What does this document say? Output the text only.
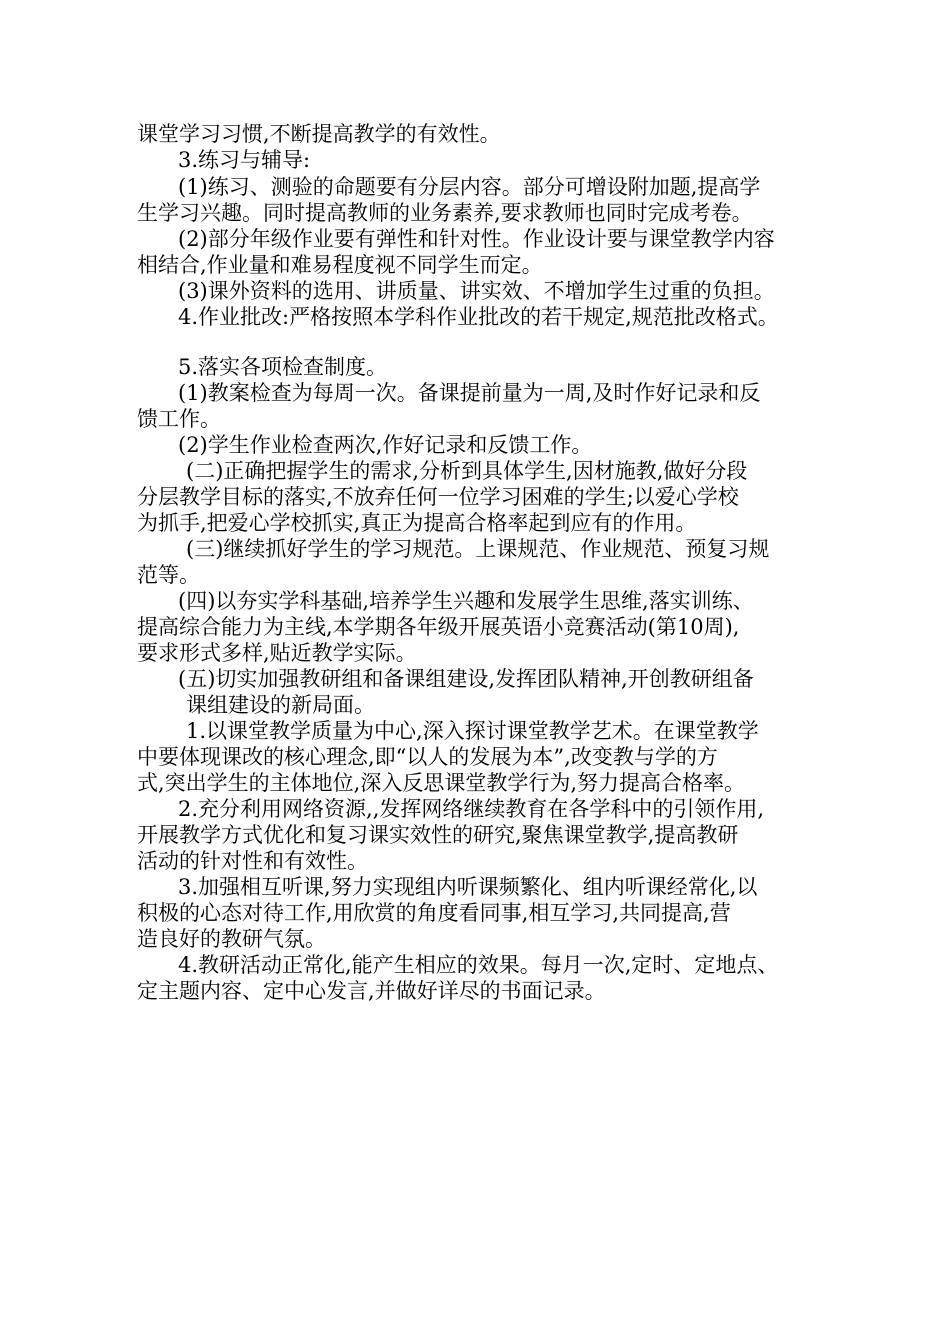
课堂学习习惯,不断提高教学的有效性。
3.练习与辅导:
(1)练习、测验的命题要有分层内容。部分可增设附加题,提高学
生学习兴趣。同时提高教师的业务素养,要求教师也同时完成考卷。
(2)部分年级作业要有弹性和针对性。作业设计要与课堂教学内容
相结合,作业量和难易程度视不同学生而定。
(3)课外资料的选用、讲质量、讲实效、不增加学生过重的负担。
4.作业批改:严格按照本学科作业批改的若干规定,规范批改格式。
5.落实各项检查制度。
(1)教案检查为每周一次。备课提前量为一周,及时作好记录和反
馈工作。
(2)学生作业检查两次,作好记录和反馈工作。
(二)正确把握学生的需求,分析到具体学生,因材施教,做好分段
分层教学目标的落实,不放弃任何一位学习困难的学生;以爱心学校
为抓手,把爱心学校抓实,真正为提高合格率起到应有的作用。
(三)继续抓好学生的学习规范。上课规范、作业规范、预复习规
范等。
(四)以夯实学科基础,培养学生兴趣和发展学生思维,落实训练、
提高综合能力为主线,本学期各年级开展英语小竞赛活动(第10周),
要求形式多样,贴近教学实际。
(五)切实加强教研组和备课组建设,发挥团队精神,开创教研组备
课组建设的新局面。
1.以课堂教学质量为中心,深入探讨课堂教学艺术。在课堂教学
中要体现课改的核心理念,即“以人的发展为本”,改变教与学的方
式,突出学生的主体地位,深入反思课堂教学行为,努力提高合格率。
2.充分利用网络资源,,发挥网络继续教育在各学科中的引领作用,
开展教学方式优化和复习课实效性的研究,聚焦课堂教学,提高教研
活动的针对性和有效性。
3.加强相互听课,努力实现组内听课频繁化、组内听课经常化,以
积极的心态对待工作,用欣赏的角度看同事,相互学习,共同提高,营
造良好的教研气氛。
4.教研活动正常化,能产生相应的效果。每月一次,定时、定地点、
定主题内容、定中心发言,并做好详尽的书面记录。
